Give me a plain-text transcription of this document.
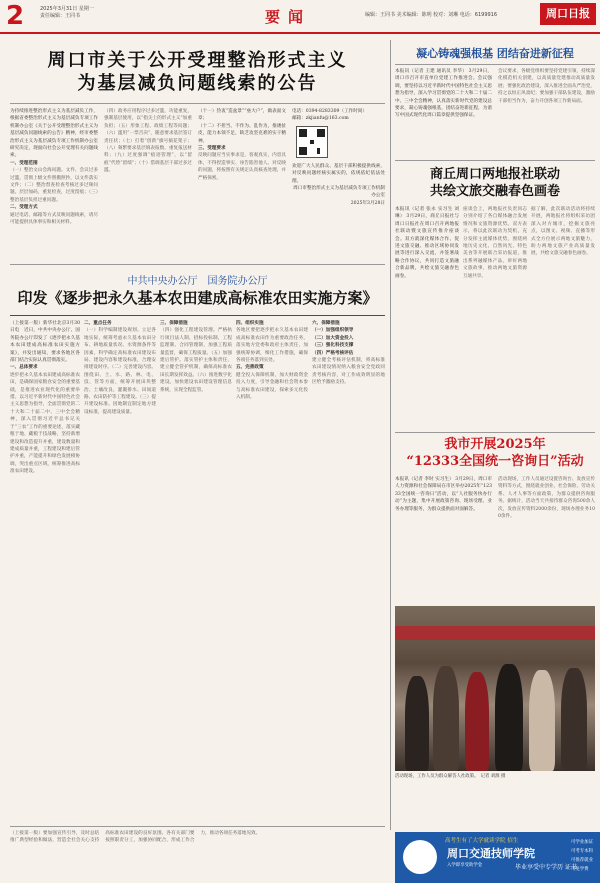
2	2025年3月31日 星期一
责任编辑：王同书	要闻	编辑：王同书 美术编辑：陈明 校对：刘琳 电话：6199916	周口日报
周口市关于公开受理整治形式主义
为基层减负问题线索的公告
为持续推进整治形式主义为基层减负工作，根据省委整治形式主义为基层减负专项工作机制办公室《关于公开受理整治形式主义为基层减负问题线索的公告》精神，经市委整治形式主义为基层减负专项工作机制办公室研究决定，现面向社会公开受理有关问题线索。
一、受理范围
（一）整治文山会海问题。文件、会议过多过滥，贯彻上级文件照搬照抄，以文件落实文件；（二）整治督查检查考核过多过频问题。层层加码，重复检查，过度留痕；（三）整治基层负担过重问题。
二、受理方式
通过电话、邮箱等方式反映问题线索，请尽可能提供具体事实和相关材料。
（四）政务应用程序过多过滥，功能重复，强制基层使用，以“指尖上的形式主义”加重负担；（五）形象工程、政绩工程等问题；（六）滥用“一票否决”，随意要求基层签订责任状；（七）打着“创新”旗号搞花架子；（八）频繁要求基层填表报数、重复报送材料；（九）过度强调“痕迹管理”，以“留痕”代替“留绩”；（十）借调基层干部过多过滥。
（十一）热衷“造盆景”“垒大户”，做表面文章；
（十二）不担当、不作为、乱作为，推诿扯皮，能力本领不足，缺乏攻坚克难的实干精神。
三、受理要求
反映问题应当实事求是，客观真实，内容具体，不得捏造事实、诬告陷害他人。对反映的问题，将按照有关规定认真核查处理，并严格保密。
电话：0394-8283309（工作时间）
邮箱：zkjianfu@163.com
欢迎广大人民群众、基层干部积极提供线索，对反映问题经核实属实的，依规依纪依法处理。
周口市整治形式主义为基层减负专项工作机制办公室
2025年3月28日
中共中央办公厅　国务院办公厅
印发《逐步把永久基本农田建成高标准农田实施方案》
（上接第一版）新华社北京3月30日电　近日，中共中央办公厅、国务院办公厅印发了《逐步把永久基本农田建成高标准农田实施方案》，并发出通知，要求各地区各部门结合实际认真贯彻落实。
一、总体要求
逐步把永久基本农田建成高标准农田，是确保国家粮食安全的重要基础，是推进农业现代化的重要举措。以习近平新时代中国特色社会主义思想为指导，全面贯彻党的二十大和二十届二中、三中全会精神，深入贯彻习近平总书记关于“三农”工作的重要论述，落实藏粮于地、藏粮于技战略，坚持新增建设和改造提升并重，建设数量和建成质量并重，工程建设和建后管护并重，产能提升和绿色发展相协调，突出重点区域，统筹推进高标准农田建设。
二、重点任务
（一）科学编制建设规划。立足各地实际，统筹考虑永久基本农田分布、耕地质量状况、水资源条件等因素，科学确定高标准农田建设布局、建设内容和建设标准，合理安排建设时序。（二）完善建设内容。围绕田、土、水、路、林、电、技、管等方面，统筹开展田块整治、土壤改良、灌溉排水、田间道路、农田防护等工程建设。（三）提升建设标准。因地制宜制定地方建设标准，提高建设质量。
三、保障措施
（四）强化工程建设管理。严格执行项目法人制、招标投标制、工程监理制、合同管理制，加强工程质量监督，确保工程质量。（五）加强建后管护。落实管护主体和责任，建立健全管护机制，确保高标准农田长期发挥效益。（六）推进数字化建设。加快建设农田建设管理信息系统，实现全程监管。
四、组织实施
各地区要把逐步把永久基本农田建成高标准农田作为重要政治任务，落实地方党委和政府主体责任，加强统筹协调，细化工作措施，确保各项任务落到实处。
五、完善政策
健全投入保障机制，加大财政资金投入力度，引导金融和社会资本参与高标准农田建设，探索多元化投入机制。
六、保障措施
（一）加强组织领导
（二）加大资金投入
（三）强化科技支撑
（四）严格考核评估
建立健全考核评估机制，将高标准农田建设情况纳入粮食安全党政同责考核内容，对工作成效明显的地区给予激励支持。
（上接第一版）要加强宣传引导，及时总结推广典型经验和做法，营造全社会关心支持高标准农田建设的良好氛围。各有关部门要按照职责分工，加强协同配合，形成工作合力，推动各项任务落地见效。
凝心铸魂强根基 团结奋进新征程
本报讯（记者 王建 通讯员 李华） 3月29日，周口市召开市直单位党建工作推进会。会议强调，要坚持以习近平新时代中国特色社会主义思想为指导，深入学习贯彻党的二十大和二十届二中、三中全会精神，认真落实新时代党的建设总要求，凝心铸魂强根基，团结奋进新征程，为谱写中国式现代化周口篇章提供坚强保证。
会议要求，各级党组织要坚持党建引领，持续深化模范机关创建，以高质量党建推动高质量发展；要强化政治建设，深入推进全面从严治党，持之以恒正风肃纪；要加强干部队伍建设，激励干部担当作为，奋力开创各项工作新局面。
商丘周口两地报社联动
共绘文旅交融春色画卷
本报讯（记者 张永 实习生 刘琳） 3月29日，商丘日报社与周口日报社在周口召开两地报社联动暨文旅宣传推介座谈会。双方就深化媒体合作、促进文旅交融、推动区域协同发展等进行深入交流，并签署战略合作协议，共同打造文旅融合新品牌，共绘文旅交融春色画卷。
座谈会上，两地报社负责同志分别介绍了各自媒体融合发展情况和文旅资源优势。双方表示，将以此次联动为契机，充分发挥主流媒体优势，围绕两地历史文化、自然风光、特色美食等开展联合采访报道，推出系列融媒体产品，讲好两地文旅故事，推动两地文旅资源互通共享。
据了解，此次联动活动将持续开展，两地报社将组织采访团深入对方城市，挖掘文旅亮点，以图文、视频、直播等形式全方位展示两地文旅魅力，助力两地文旅产业高质量发展，共绘文旅交融春色画卷。
我市开展2025年
“12333全国统一咨询日”活动
本报讯（记者 李时 实习生） 3月29日，周口市人力资源和社会保障局在市区举办2025年“12333全国统一咨询日”活动，以“人社服务快办行动”为主题，集中开展政策咨询、现场受理、业务办理等服务，为群众提供面对面解答。
活动现场，工作人员通过设置咨询台、发放宣传资料等方式，围绕就业创业、社会保险、劳动关系、人才人事等方面政策，为群众提供咨询服务。据统计，活动当天共接待群众咨询500余人次，发放宣传资料2000余份，现场办理业务100余件。
活动现场，工作人员为群众解答人社政策。　记者 刘源 摄
高考生有了大学就读学院 招生
周口交通技师学院
入学即享受助学金	毕业享受中专学历 证书
可学业加证
可考专本科
可推荐就业
可免学费
